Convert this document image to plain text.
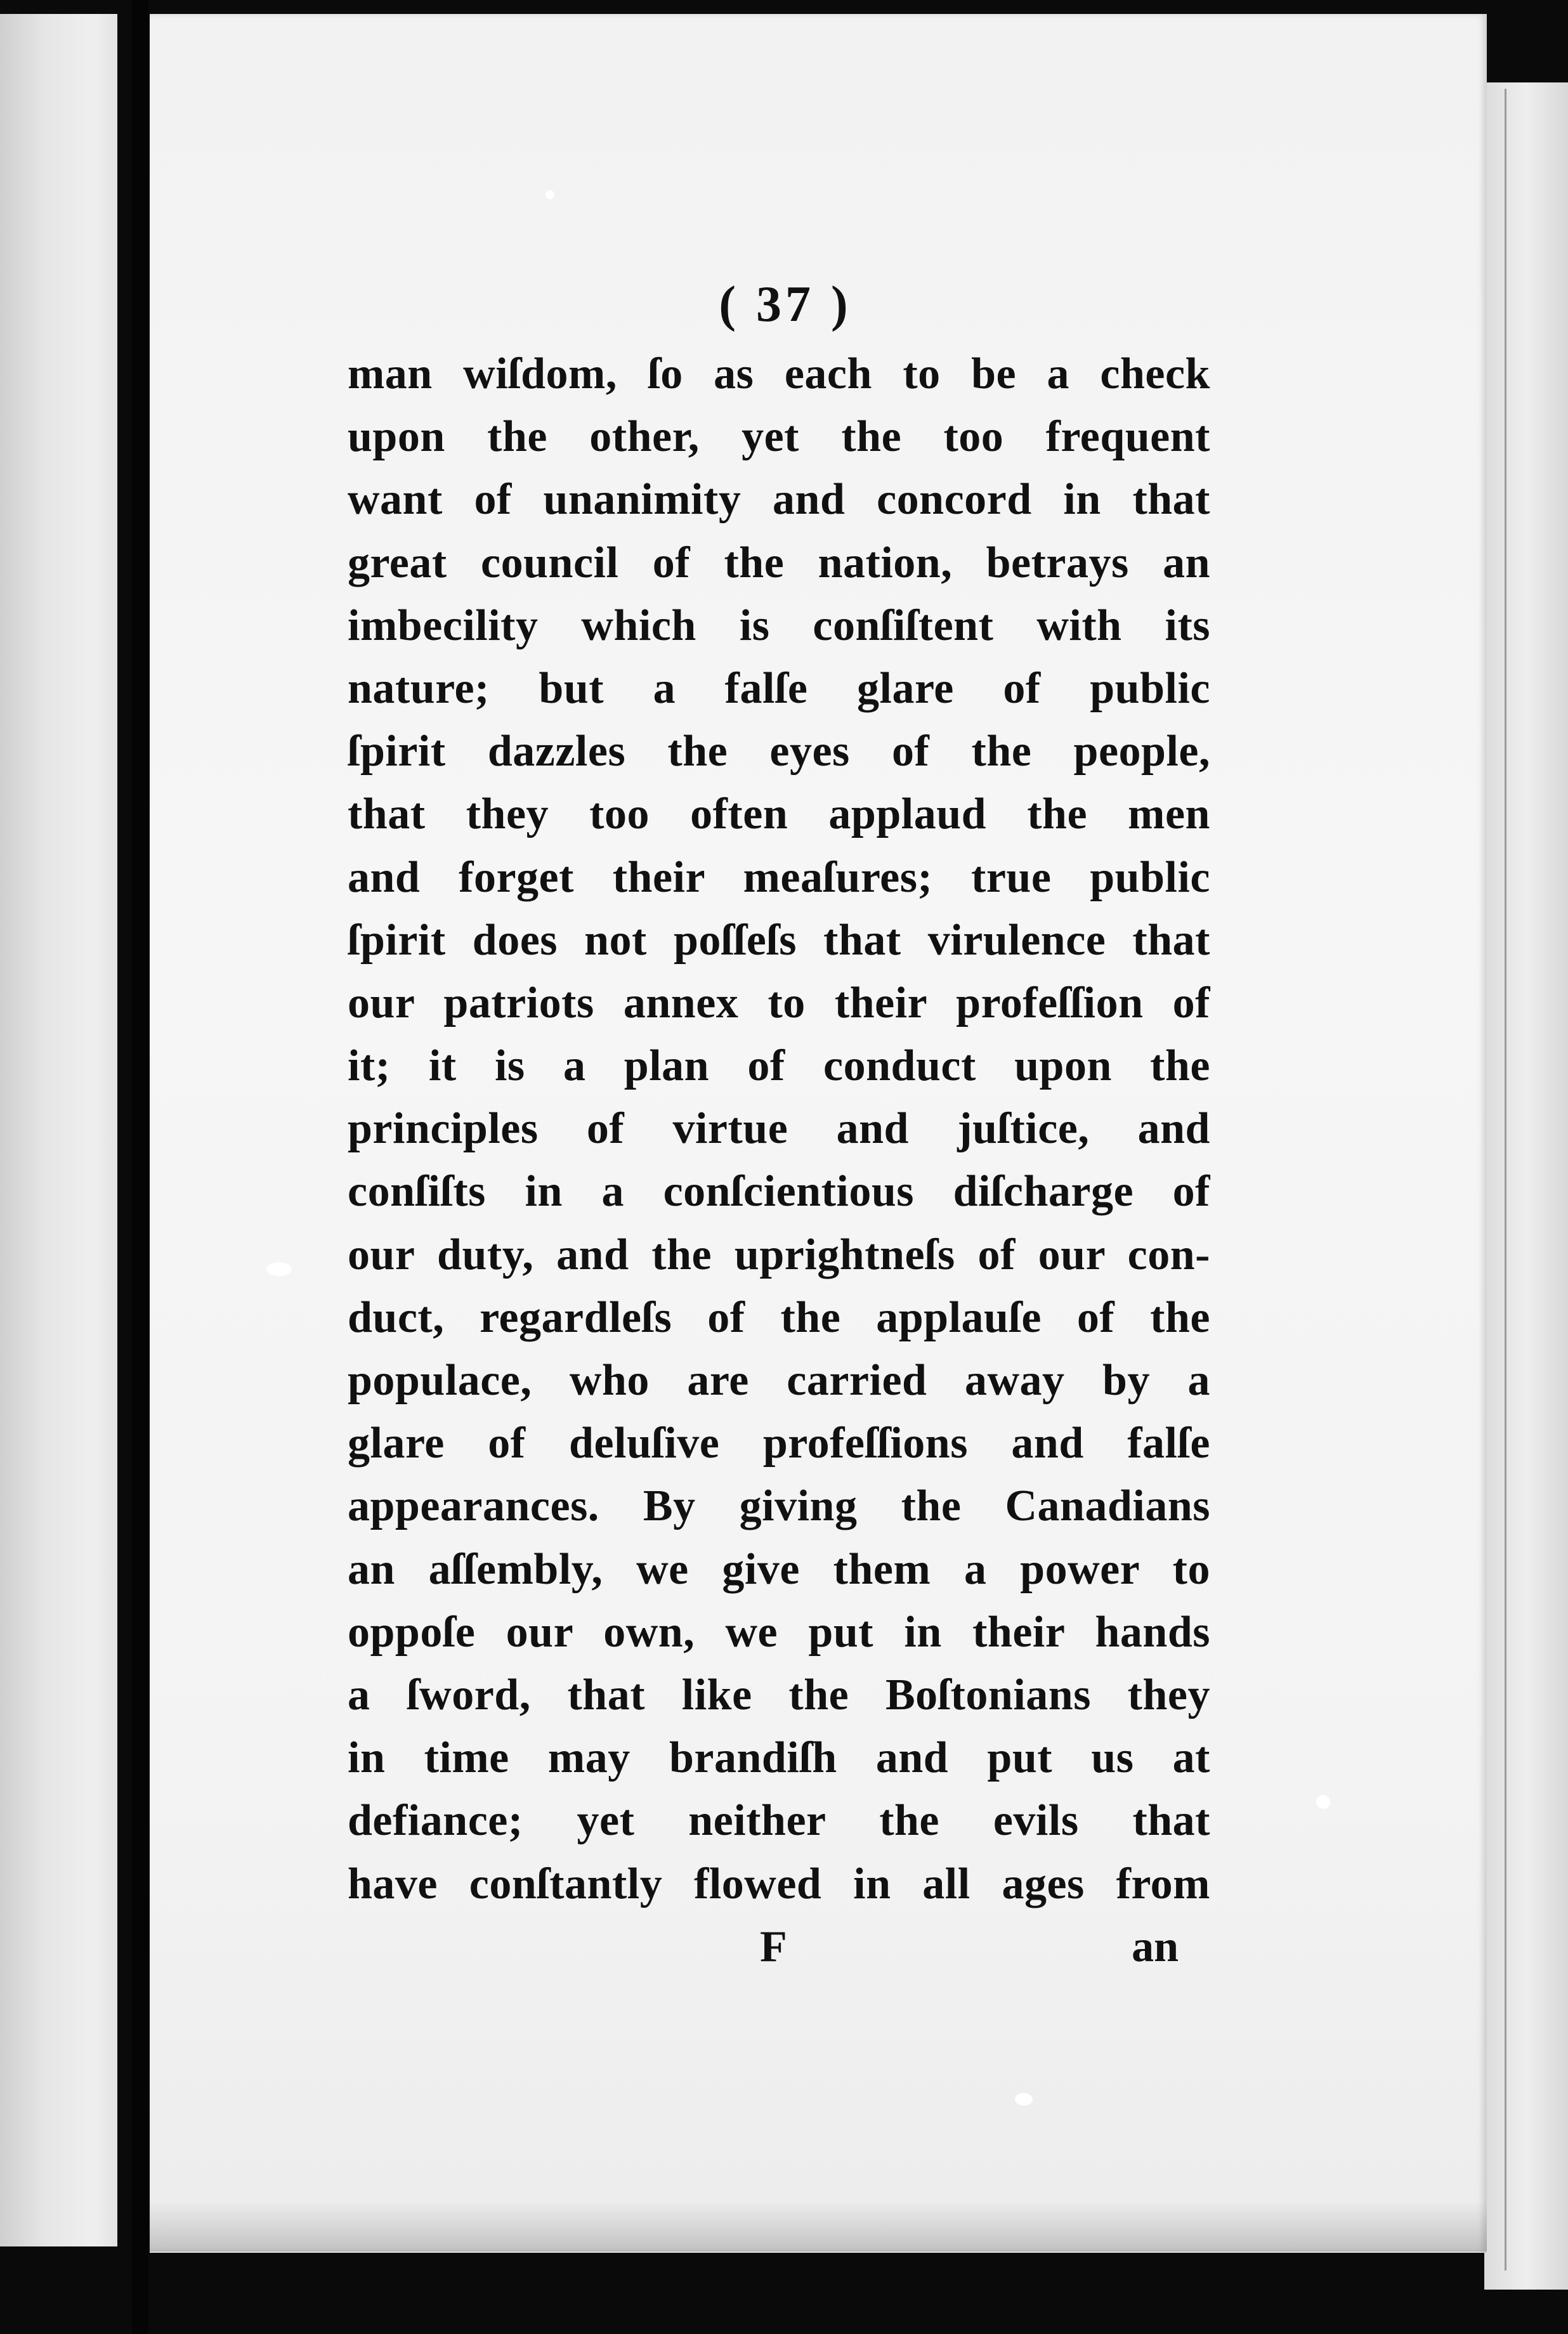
( 37 )
man wiſdom, ſo as each to be a check
upon the other, yet the too frequent
want of unanimity and concord in that
great council of the nation, betrays an
imbecility which is conſiſtent with its
nature; but a falſe glare of public
ſpirit dazzles the eyes of the people,
that they too often applaud the men
and forget their meaſures; true public
ſpirit does not poſſeſs that virulence that
our patriots annex to their profeſſion of
it; it is a plan of conduct upon the
principles of virtue and juſtice, and
conſiſts in a conſcientious diſcharge of
our duty, and the uprightneſs of our con-
duct, regardleſs of the applauſe of the
populace, who are carried away by a
glare of deluſive profeſſions and falſe
appearances. By giving the Canadians
an aſſembly, we give them a power to
oppoſe our own, we put in their hands
a ſword, that like the Boſtonians they
in time may brandiſh and put us at
defiance; yet neither the evils that
have conſtantly flowed in all ages from
F	an
